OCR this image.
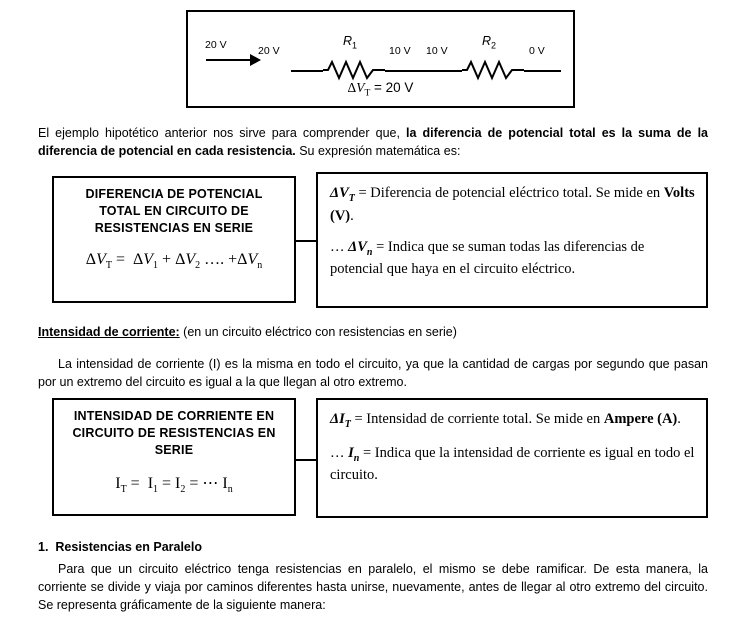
20 V	20 V
$R_1$	10 V 10 V
$R_2$	0 V
$\Delta V_T = 20$ V
El ejemplo hipotético anterior nos sirve para comprender que, la diferencia de potencial total es la suma de la diferencia de potencial en cada resistencia. Su expresión matemática es:
DIFERENCIA DE POTENCIAL
TOTAL EN CIRCUITO DE
RESISTENCIAS EN SERIE
$\Delta V_T = \Delta V_1 + \Delta V_2$ …. $+\Delta V_n$

$\Delta V_T$ = Diferencia de potencial eléctrico total. Se mide en Volts (V).

… $\Delta V_n$ = Indica que se suman todas las diferencias de potencial que haya en el circuito eléctrico.

Intensidad de corriente: (en un circuito eléctrico con resistencias en serie)
La intensidad de corriente (I) es la misma en todo el circuito, ya que la cantidad de cargas por segundo que pasan por un extremo del circuito es igual a la que llegan al otro extremo.
INTENSIDAD DE CORRIENTE EN
CIRCUITO DE RESISTENCIAS EN
SERIE
$I_T = I_1 = I_2$ = ⋯ $I_n$

$\Delta I_T$ = Intensidad de corriente total. Se mide en Ampere (A).

… $I_n$ = Indica que la intensidad de corriente es igual en todo el circuito.

1. Resistencias en Paralelo
Para que un circuito eléctrico tenga resistencias en paralelo, el mismo se debe ramificar. De esta manera, la corriente se divide y viaja por caminos diferentes hasta unirse, nuevamente, antes de llegar al otro extremo del circuito. Se representa gráficamente de la siguiente manera:
